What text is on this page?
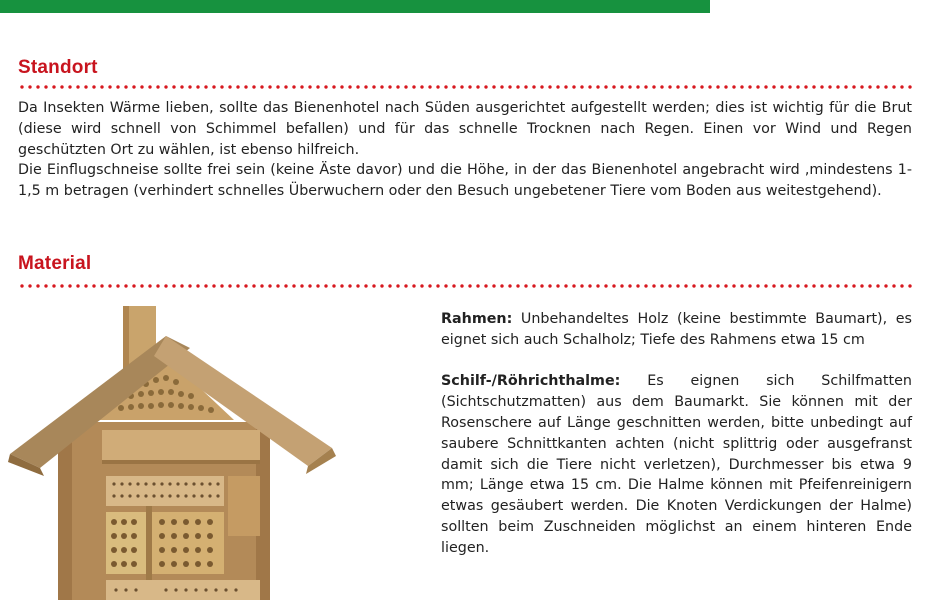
Standort

Da Insekten Wärme lieben, sollte das Bienenhotel nach Süden ausgerichtet aufgestellt werden; dies ist wichtig für die Brut (diese wird schnell von Schimmel befallen) und für das schnelle Trocknen nach Regen. Einen vor Wind und Regen geschützten Ort zu wählen, ist ebenso hilfreich.

Die Einflugschneise sollte frei sein (keine Äste davor) und die Höhe, in der das Bienenhotel angebracht wird ,mindestens 1-1,5 m betragen (verhindert schnelles Überwuchern oder den Besuch ungebetener Tiere vom Boden aus weitestgehend).

Material

Rahmen: Unbehandeltes Holz (keine bestimmte Baumart), es eignet sich auch Schalholz; Tiefe des Rahmens etwa 15 cm

Schilf-/Röhrichthalme: Es eignen sich Schilfmatten (Sichtschutzmatten) aus dem Baumarkt. Sie können mit der Rosenschere auf Länge geschnitten werden, bitte unbedingt auf saubere Schnittkanten achten (nicht splittrig oder ausgefranst damit sich die Tiere nicht verletzen), Durchmesser bis etwa 9 mm; Länge etwa 15 cm. Die Halme können mit Pfeifenreinigern etwas gesäubert werden. Die Knoten Verdickungen der Halme) sollten beim Zuschneiden möglichst an einem hinteren Ende liegen.
